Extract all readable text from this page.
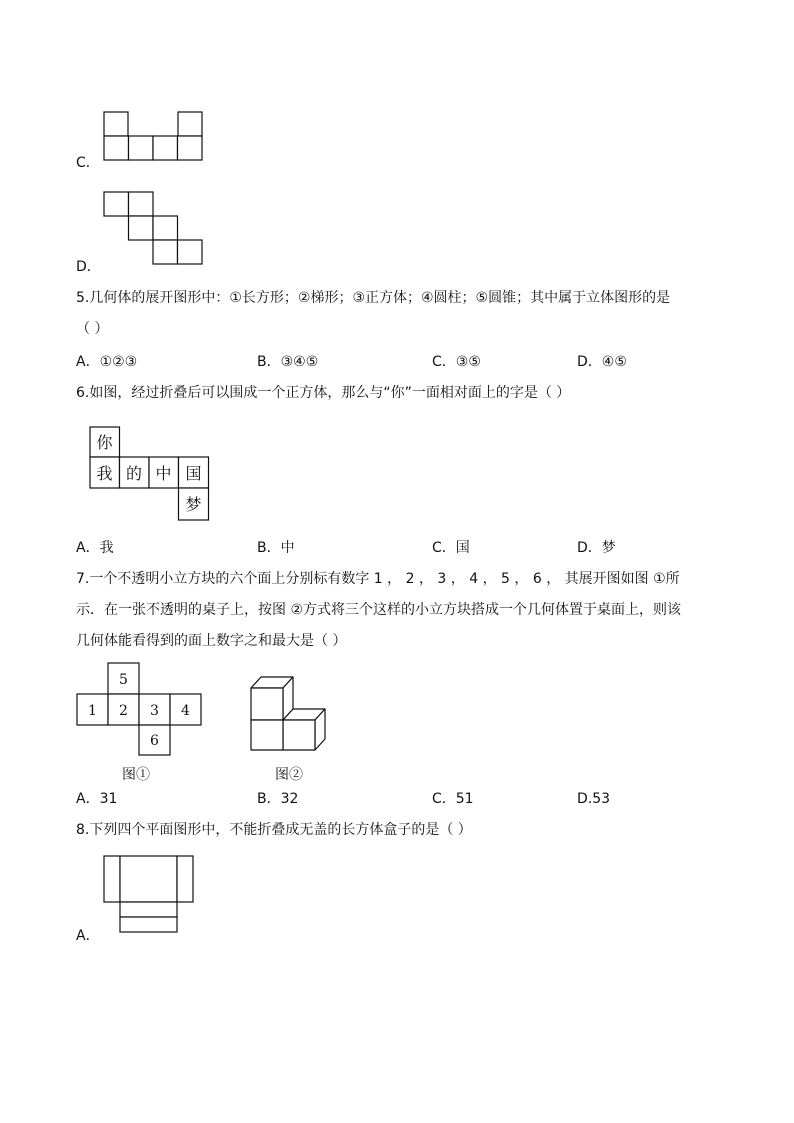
C．
D．
5.几何体的展开图形中：①长方形；②梯形；③正方体；④圆柱；⑤圆锥；其中属于立体图形的是
（ ）
A．①②③	B．③④⑤	C．③⑤	D．④⑤
6.如图，经过折叠后可以围成一个正方体，那么与“你”一面相对面上的字是（ ）
你
我 的 中 国
梦
A．我	B．中	C．国	D．梦
7.一个不透明小立方块的六个面上分别标有数字 1 ， 2 ， 3 ， 4 ， 5 ， 6 ， 其展开图如图 ①所
示．在一张不透明的桌子上，按图 ②方式将三个这样的小立方块搭成一个几何体置于桌面上，则该
几何体能看得到的面上数字之和最大是（ ）
5
1 2 3 4
6
图①	图②
A．31	B．32	C．51	D.53
8.下列四个平面图形中，不能折叠成无盖的长方体盒子的是（ ）
A．
